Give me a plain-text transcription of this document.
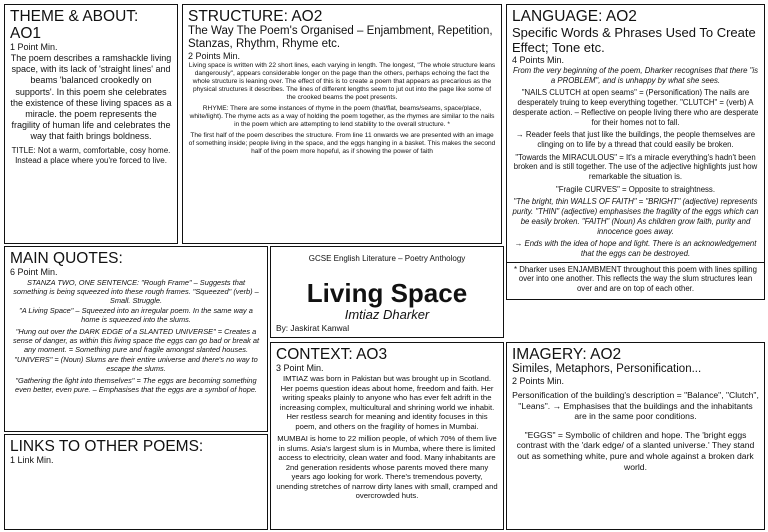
THEME & ABOUT: AO1

1 Point Min.

The poem describes a ramshackle living space, with its lack of 'straight lines' and beams 'balanced crookedly on supports'. In this poem she celebrates the existence of these living spaces as a miracle. the poem represents the fragility of human life and celebrates the way that faith brings boldness.

TITLE: Not a warm, comfortable, cosy home. Instead a place where you're forced to live.

STRUCTURE: AO2

The Way The Poem's Organised – Enjambment, Repetition, Stanzas, Rhythm, Rhyme etc.

2 Points Min.

Living space is written with 22 short lines, each varying in length. The longest, "The whole structure leans dangerously", appears considerable longer on the page than the others, perhaps echoing the fact the whole structure is leaning over. The effect of this is to create a poem that appears as precarious as the physical structures it describes. The lines of different lengths seem to jut out into the page like some of the crooked beams the poet presents.

RHYME: There are some instances of rhyme in the poem (that/flat, beams/seams, space/place, white/light). The rhyme acts as a way of holding the poem together, as the rhymes are similar to the nails in the poem which are attempting to lend stability to the overall structure. *

The first half of the poem describes the structure. From line 11 onwards we are presented with an image of something inside; people living in the space, and the eggs hanging in a basket. This makes the second half of the poem more hopeful, as if showing the power of faith

LANGUAGE: AO2

Specific Words & Phrases Used To Create Effect; Tone etc.

4 Points Min.

From the very beginning of the poem, Dharker recognises that there "is a PROBLEM", and is unhappy by what she sees.

"NAILS CLUTCH at open seams" = (Personification) The nails are desperately truing to keep everything together. "CLUTCH" = (verb) A desperate action. – Reflective on people living there who are desperate for their homes not to fall.

→ Reader feels that just like the buildings, the people themselves are clinging on to life by a thread that could easily be broken.

"Towards the MIRACULOUS" = It's a miracle everything's hadn't been broken and is still together. The use of the adjective highlights just how remarkable the situation is.

"Fragile CURVES" = Opposite to straightness.

"The bright, thin WALLS OF FAITH" = "BRIGHT" (adjective) represents purity. "THIN" (adjective) emphasises the fragility of the eggs which can be easily broken. "FAITH" (Noun) As children grow faith, purity and innocence goes away.

→ Ends with the idea of hope and light. There is an acknowledgement that the eggs can be destroyed.

* Dharker uses ENJAMBMENT throughout this poem with lines spilling over into one another. This reflects the way the slum structures lean over and are on top of each other.

MAIN QUOTES:

6 Point Min.

STANZA TWO, ONE SENTENCE: "Rough Frame" – Suggests that something is being squeezed into these rough frames. "Squeezed" (verb) – Small. Struggle.

"A Living Space" – Squeezed into an irregular poem. In the same way a home is squeezed into the slums.

"Hung out over the DARK EDGE of a SLANTED UNIVERSE" = Creates a sense of danger, as within this living space the eggs can go bad or break at any moment. = Something pure and fragile amongst slanted houses. "UNIVERS" = (Noun) Slums are their entire universe and there's no way to escape the slums.

"Gathering the light into themselves" = The eggs are becoming something even better, even pure. – Emphasises that the eggs are a symbol of hope.

GCSE English Literature – Poetry Anthology

Living Space

Imtiaz Dharker

By: Jaskirat Kanwal

LINKS TO OTHER POEMS:

1 Link Min.

CONTEXT: AO3

3 Point Min.

IMTIAZ was born in Pakistan but was brought up in Scotland. Her poems question ideas about home, freedom and faith. Her writing speaks plainly to anyone who has ever felt adrift in the increasing complex, multicultural and shrining world we inhabit. Her restless search for meaning and identity focuses in this poem, and others on the fragility of homes in Mumbai.

MUMBAI is home to 22 million people, of which 70% of them live in slums. Asia's largest slum is in Mumba, where there is limited access to electricity, clean water and food. Many inhabitants are 2nd generation residents whose parents moved there many years ago looking for work. There's tremendous poverty, unending stretches of narrow dirty lanes with small, cramped and overcrowded huts.

IMAGERY: AO2

Similes, Metaphors, Personification...

2 Points Min.

Personification of the building's description = "Balance", "Clutch", "Leans". → Emphasises that the buildings and the inhabitants are in the same poor conditions.

"EGGS" = Symbolic of children and hope. The 'bright eggs contrast with the 'dark edge/ of a slanted universe.' They stand out as something white, pure and whole against a broken dark world.
